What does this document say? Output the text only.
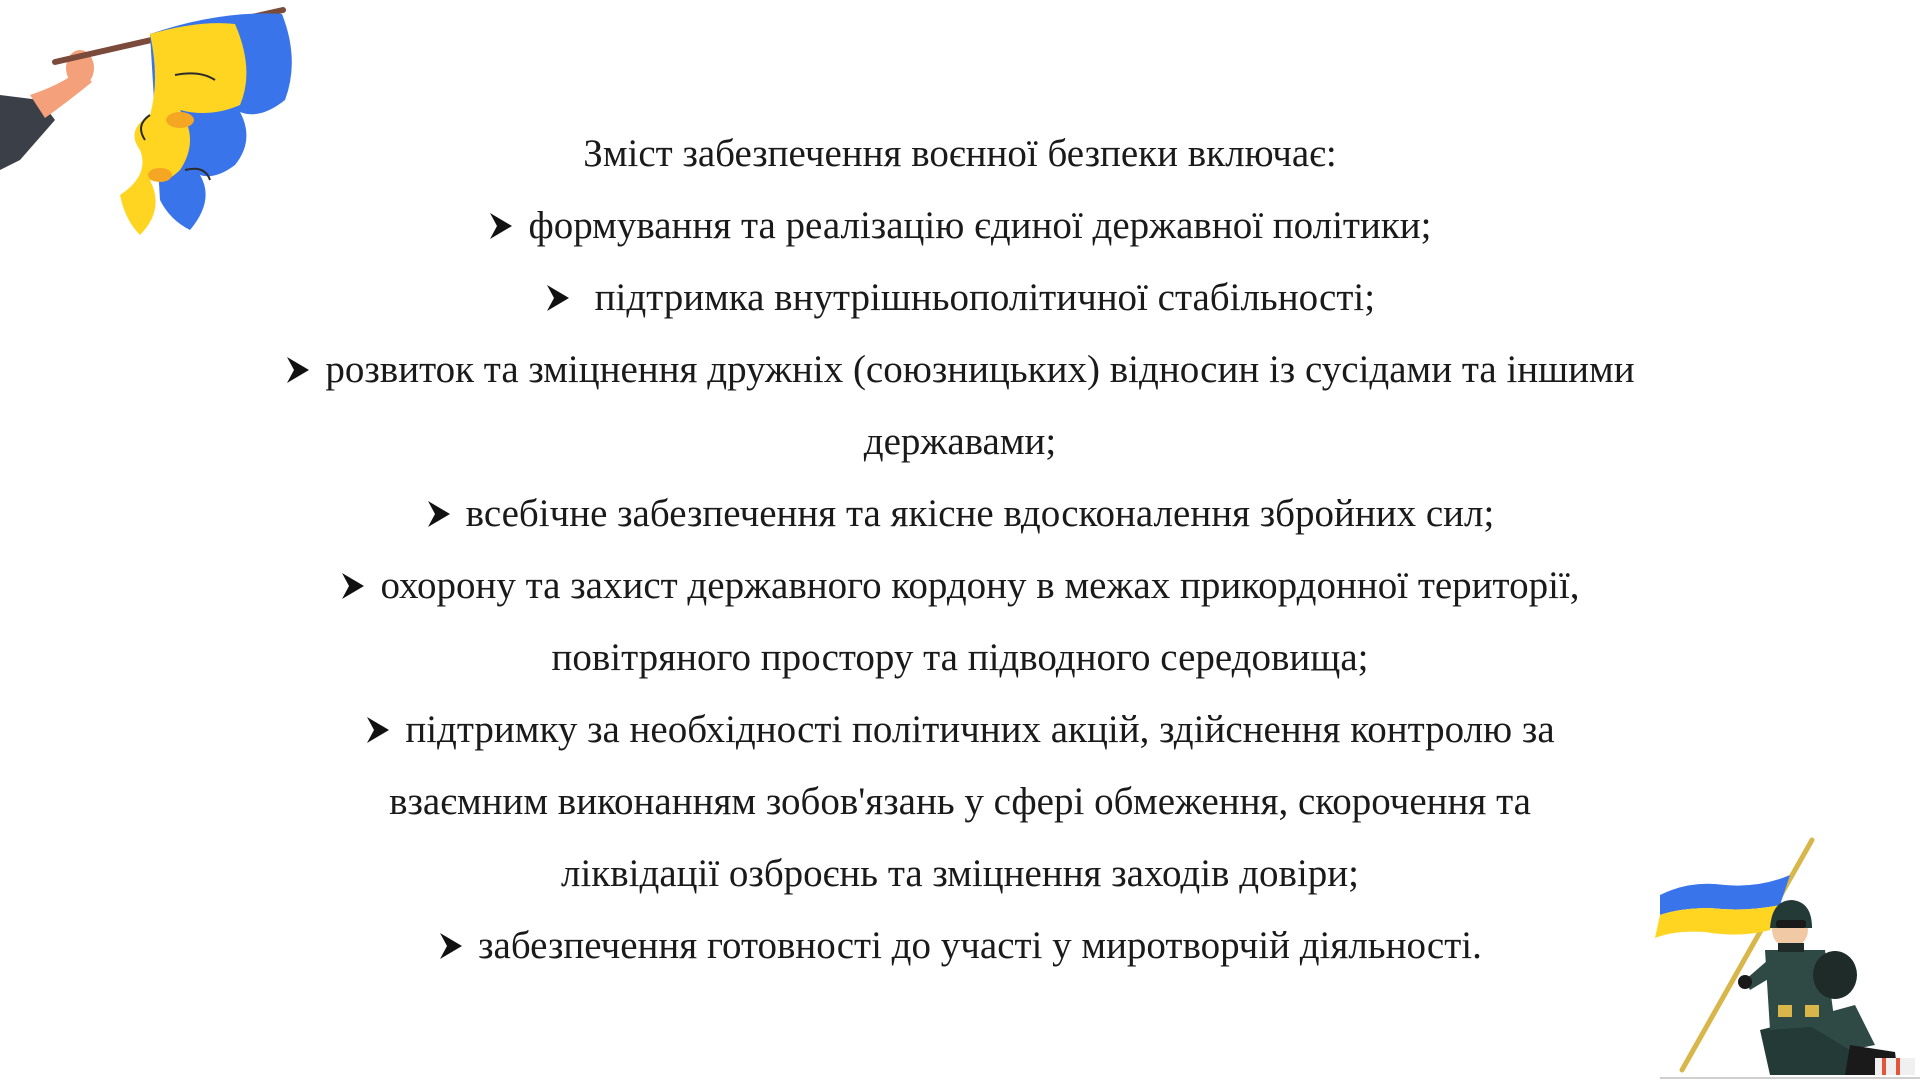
Зміст забезпечення воєнної безпеки включає:
формування та реалізацію єдиної державної політики;
підтримка внутрішньополітичної стабільності;
розвиток та зміцнення дружніх (союзницьких) відносин із сусідами та іншими
державами;
всебічне забезпечення та якісне вдосконалення збройних сил;
охорону та захист державного кордону в межах прикордонної території,
повітряного простору та підводного середовища;
підтримку за необхідності політичних акцій, здійснення контролю за
взаємним виконанням зобов'язань у сфері обмеження, скорочення та
ліквідації озброєнь та зміцнення заходів довіри;
забезпечення готовності до участі у миротворчій діяльності.
